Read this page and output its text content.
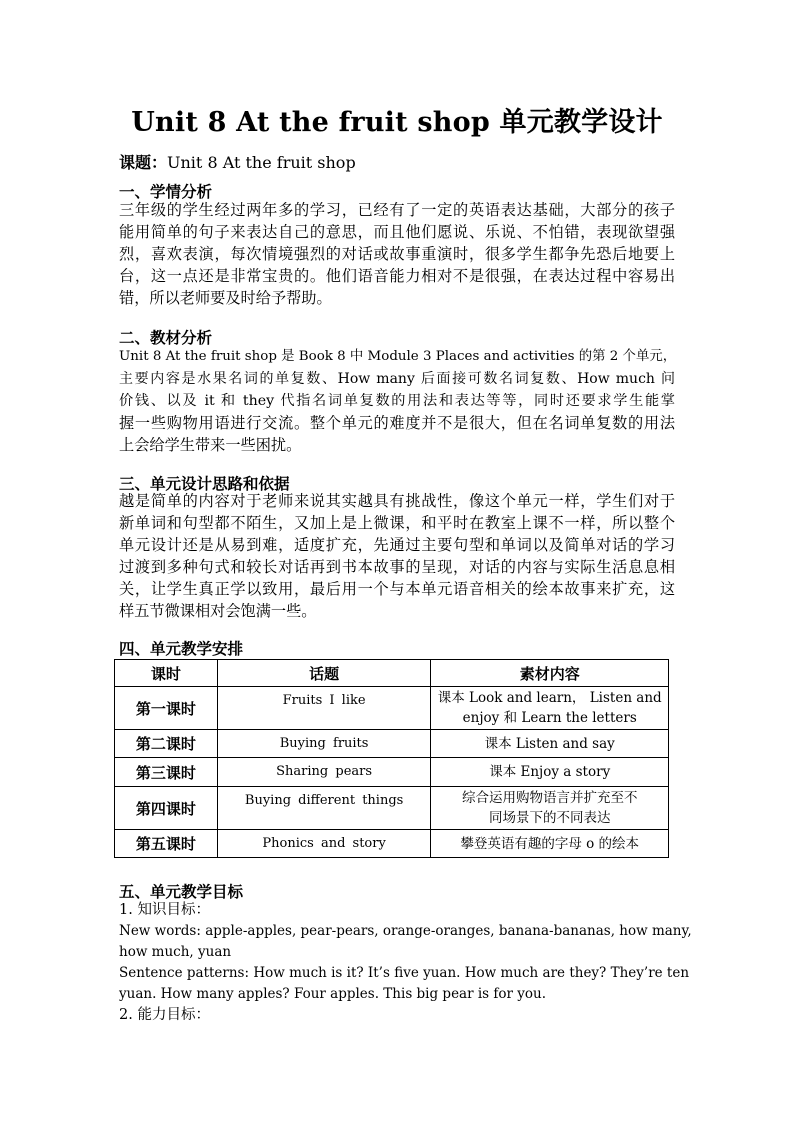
Unit 8 At the fruit shop 单元教学设计
课题：Unit 8 At the fruit shop
一、学情分析
三年级的学生经过两年多的学习，已经有了一定的英语表达基础，大部分的孩子
能用简单的句子来表达自己的意思，而且他们愿说、乐说、不怕错，表现欲望强
烈，喜欢表演，每次情境强烈的对话或故事重演时，很多学生都争先恐后地要上
台，这一点还是非常宝贵的。他们语音能力相对不是很强，在表达过程中容易出
错，所以老师要及时给予帮助。
二、教材分析
Unit 8 At the fruit shop 是 Book 8 中 Module 3 Places and activities 的第 2 个单元，
主要内容是水果名词的单复数、How many 后面接可数名词复数、How much 问
价钱、以及 it 和 they 代指名词单复数的用法和表达等等，同时还要求学生能掌
握一些购物用语进行交流。整个单元的难度并不是很大，但在名词单复数的用法
上会给学生带来一些困扰。
三、单元设计思路和依据
越是简单的内容对于老师来说其实越具有挑战性，像这个单元一样，学生们对于
新单词和句型都不陌生，又加上是上微课，和平时在教室上课不一样，所以整个
单元设计还是从易到难，适度扩充，先通过主要句型和单词以及简单对话的学习
过渡到多种句式和较长对话再到书本故事的呈现，对话的内容与实际生活息息相
关，让学生真正学以致用，最后用一个与本单元语音相关的绘本故事来扩充，这
样五节微课相对会饱满一些。
四、单元教学安排
课时	话题	素材内容
第一课时	Fruits I like	课本 Look and learn， Listen and
enjoy 和 Learn the letters

第二课时	Buying fruits	课本 Listen and say

第三课时	Sharing pears	课本 Enjoy a story

第四课时	Buying different things	综合运用购物语言并扩充至不
同场景下的不同表达

第五课时	Phonics and story	攀登英语有趣的字母 o 的绘本
五、单元教学目标
1. 知识目标：
New words: apple-apples, pear-pears, orange-oranges, banana-bananas, how many,
how much, yuan
Sentence patterns: How much is it? It’s five yuan. How much are they? They’re ten
yuan. How many apples? Four apples. This big pear is for you.
2. 能力目标：
